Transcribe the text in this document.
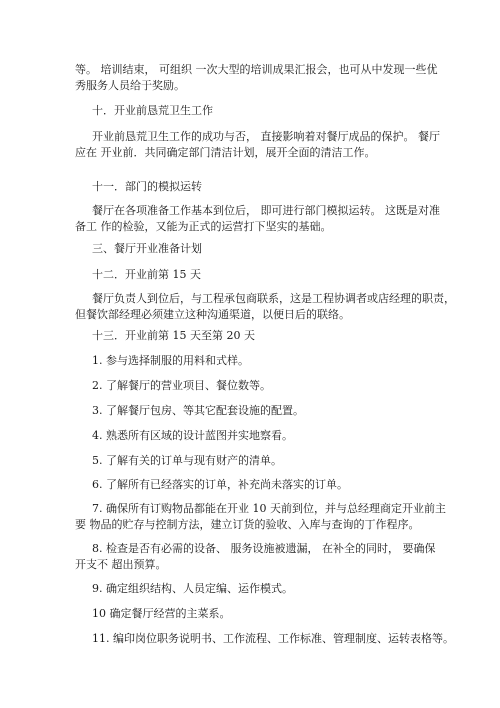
等。 培训结束， 可组织 一次大型的培训成果汇报会，也可从中发现一些优

秀服务人员给于奖励。

十．开业前恳荒卫生工作

开业前恳荒卫生工作的成功与否， 直接影响着对餐厅成品的保护。 餐厅

应在 开业前．共同确定部门清洁计划，展开全面的清洁工作。

十一．部门的模拟运转

餐厅在各项准备工作基本到位后， 即可进行部门模拟运转。 这既是对准

备工 作的检验，又能为正式的运营打下坚实的基础。

三、餐厅开业准备计划

十二．开业前第 15 天

餐厅负责人到位后，与工程承包商联系，这是工程协调者或店经理的职责，

但餐饮部经理必须建立这种沟通渠道，以便日后的联络。

十三．开业前第 15 天至第 20 天

1. 参与选择制服的用料和式样。

2. 了解餐厅的营业项目、餐位数等。

3. 了解餐厅包房、等其它配套设施的配置。

4. 熟悉所有区域的设计蓝图并实地察看。

5. 了解有关的订单与现有财产的清单。

6. 了解所有已经落实的订单，补充尚未落实的订单。

7. 确保所有订购物品都能在开业 10 天前到位，并与总经理商定开业前主

要 物品的贮存与控制方法，建立订货的验收、入库与查询的丁作程序。

8. 检查是否有必需的设备、 服务设施被遗漏， 在补全的同时， 要确保

开支不 超出预算。

9. 确定组织结构、人员定编、运作模式。

10 确定餐厅经营的主菜系。

11. 编印岗位职务说明书、工作流程、工作标准、管理制度、运转表格等。
